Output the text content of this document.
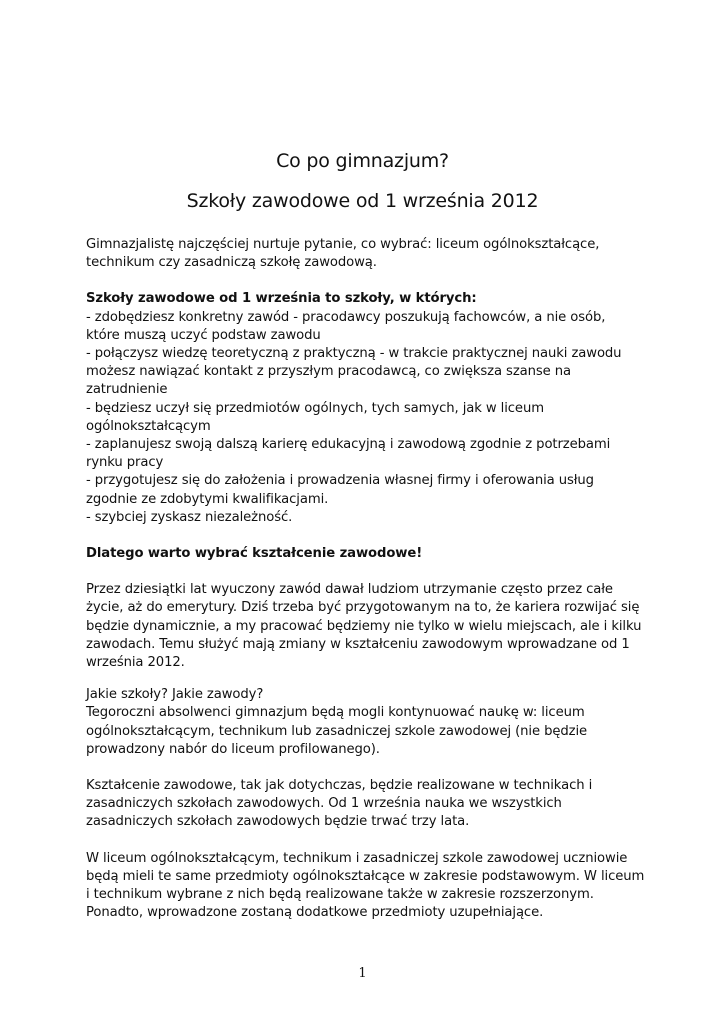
Co po gimnazjum?
Szkoły zawodowe od 1 września 2012

Gimnazjalistę najczęściej nurtuje pytanie, co wybrać: liceum ogólnokształcące,
technikum czy zasadniczą szkołę zawodową.

Szkoły zawodowe od 1 września to szkoły, w których:
- zdobędziesz konkretny zawód - pracodawcy poszukują fachowców, a nie osób,
które muszą uczyć podstaw zawodu
- połączysz wiedzę teoretyczną z praktyczną - w trakcie praktycznej nauki zawodu
możesz nawiązać kontakt z przyszłym pracodawcą, co zwiększa szanse na
zatrudnienie
- będziesz uczył się przedmiotów ogólnych, tych samych, jak w liceum
ogólnokształcącym
- zaplanujesz swoją dalszą karierę edukacyjną i zawodową zgodnie z potrzebami
rynku pracy
- przygotujesz się do założenia i prowadzenia własnej firmy i oferowania usług
zgodnie ze zdobytymi kwalifikacjami.
- szybciej zyskasz niezależność.

Dlatego warto wybrać kształcenie zawodowe!

Przez dziesiątki lat wyuczony zawód dawał ludziom utrzymanie często przez całe
życie, aż do emerytury. Dziś trzeba być przygotowanym na to, że kariera rozwijać się
będzie dynamicznie, a my pracować będziemy nie tylko w wielu miejscach, ale i kilku
zawodach. Temu służyć mają zmiany w kształceniu zawodowym wprowadzane od 1
września 2012.

Jakie szkoły? Jakie zawody?
Tegoroczni absolwenci gimnazjum będą mogli kontynuować naukę w: liceum
ogólnokształcącym, technikum lub zasadniczej szkole zawodowej (nie będzie
prowadzony nabór do liceum profilowanego).

Kształcenie zawodowe, tak jak dotychczas, będzie realizowane w technikach i
zasadniczych szkołach zawodowych. Od 1 września nauka we wszystkich
zasadniczych szkołach zawodowych będzie trwać trzy lata.

W liceum ogólnokształcącym, technikum i zasadniczej szkole zawodowej uczniowie
będą mieli te same przedmioty ogólnokształcące w zakresie podstawowym. W liceum
i technikum wybrane z nich będą realizowane także w zakresie rozszerzonym.
Ponadto, wprowadzone zostaną dodatkowe przedmioty uzupełniające.

1
